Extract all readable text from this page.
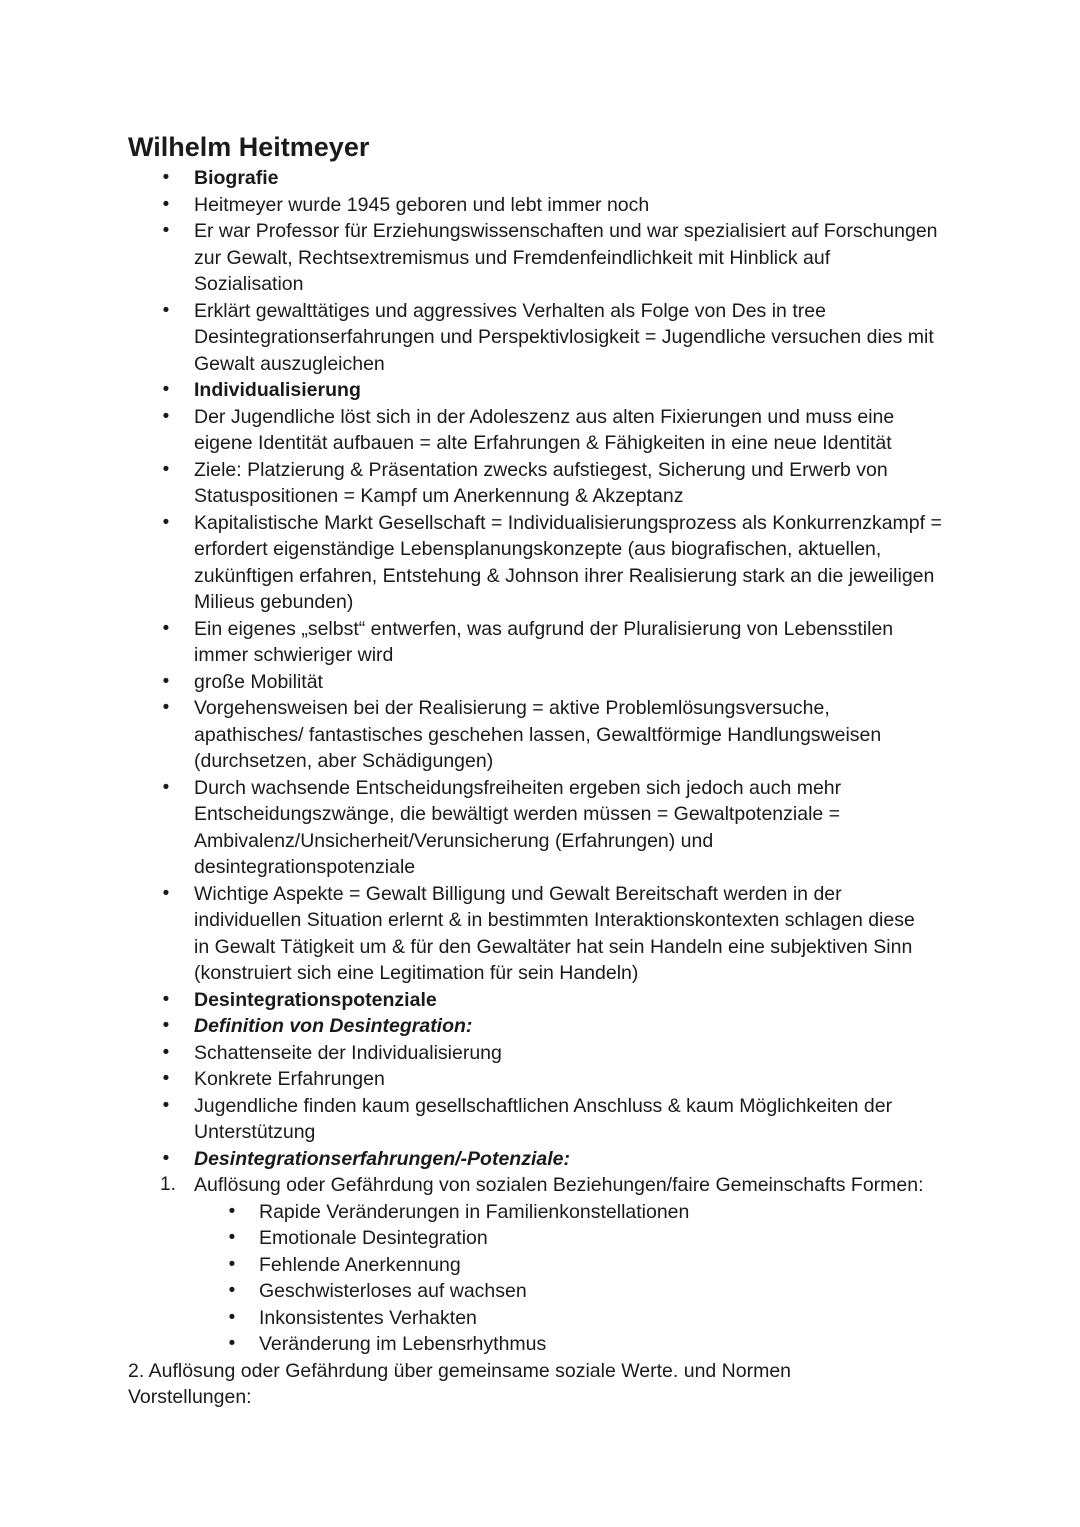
Wilhelm Heitmeyer
•	Biografie
•	Heitmeyer wurde 1945 geboren und lebt immer noch
•	Er war Professor für Erziehungswissenschaften und war spezialisiert auf Forschungen
zur Gewalt, Rechtsextremismus und Fremdenfeindlichkeit mit Hinblick auf
Sozialisation
•	Erklärt gewalttätiges und aggressives Verhalten als Folge von Des in tree
Desintegrationserfahrungen und Perspektivlosigkeit = Jugendliche versuchen dies mit
Gewalt auszugleichen
•	Individualisierung
•	Der Jugendliche löst sich in der Adoleszenz aus alten Fixierungen und muss eine
eigene Identität aufbauen = alte Erfahrungen & Fähigkeiten in eine neue Identität
•	Ziele: Platzierung & Präsentation zwecks aufstiegest, Sicherung und Erwerb von
Statuspositionen = Kampf um Anerkennung & Akzeptanz
•	Kapitalistische Markt Gesellschaft = Individualisierungsprozess als Konkurrenzkampf =
erfordert eigenständige Lebensplanungskonzepte (aus biografischen, aktuellen,
zukünftigen erfahren, Entstehung & Johnson ihrer Realisierung stark an die jeweiligen
Milieus gebunden)
•	Ein eigenes „selbst“ entwerfen, was aufgrund der Pluralisierung von Lebensstilen
immer schwieriger wird
•	große Mobilität
•	Vorgehensweisen bei der Realisierung = aktive Problemlösungsversuche,
apathisches/ fantastisches geschehen lassen, Gewaltförmige Handlungsweisen
(durchsetzen, aber Schädigungen)
•	Durch wachsende Entscheidungsfreiheiten ergeben sich jedoch auch mehr
Entscheidungszwänge, die bewältigt werden müssen = Gewaltpotenziale =
Ambivalenz/Unsicherheit/Verunsicherung (Erfahrungen) und
desintegrationspotenziale
•	Wichtige Aspekte = Gewalt Billigung und Gewalt Bereitschaft werden in der
individuellen Situation erlernt & in bestimmten Interaktionskontexten schlagen diese
in Gewalt Tätigkeit um & für den Gewaltäter hat sein Handeln eine subjektiven Sinn
(konstruiert sich eine Legitimation für sein Handeln)
•	Desintegrationspotenziale
•	Definition von Desintegration:
•	Schattenseite der Individualisierung
•	Konkrete Erfahrungen
•	Jugendliche finden kaum gesellschaftlichen Anschluss & kaum Möglichkeiten der
Unterstützung
•	Desintegrationserfahrungen/-Potenziale:
1. Auflösung oder Gefährdung von sozialen Beziehungen/faire Gemeinschafts Formen:
•	Rapide Veränderungen in Familienkonstellationen
•	Emotionale Desintegration
•	Fehlende Anerkennung
•	Geschwisterloses auf wachsen
•	Inkonsistentes Verhakten
•	Veränderung im Lebensrhythmus
2. Auflösung oder Gefährdung über gemeinsame soziale Werte. und Normen
Vorstellungen:
